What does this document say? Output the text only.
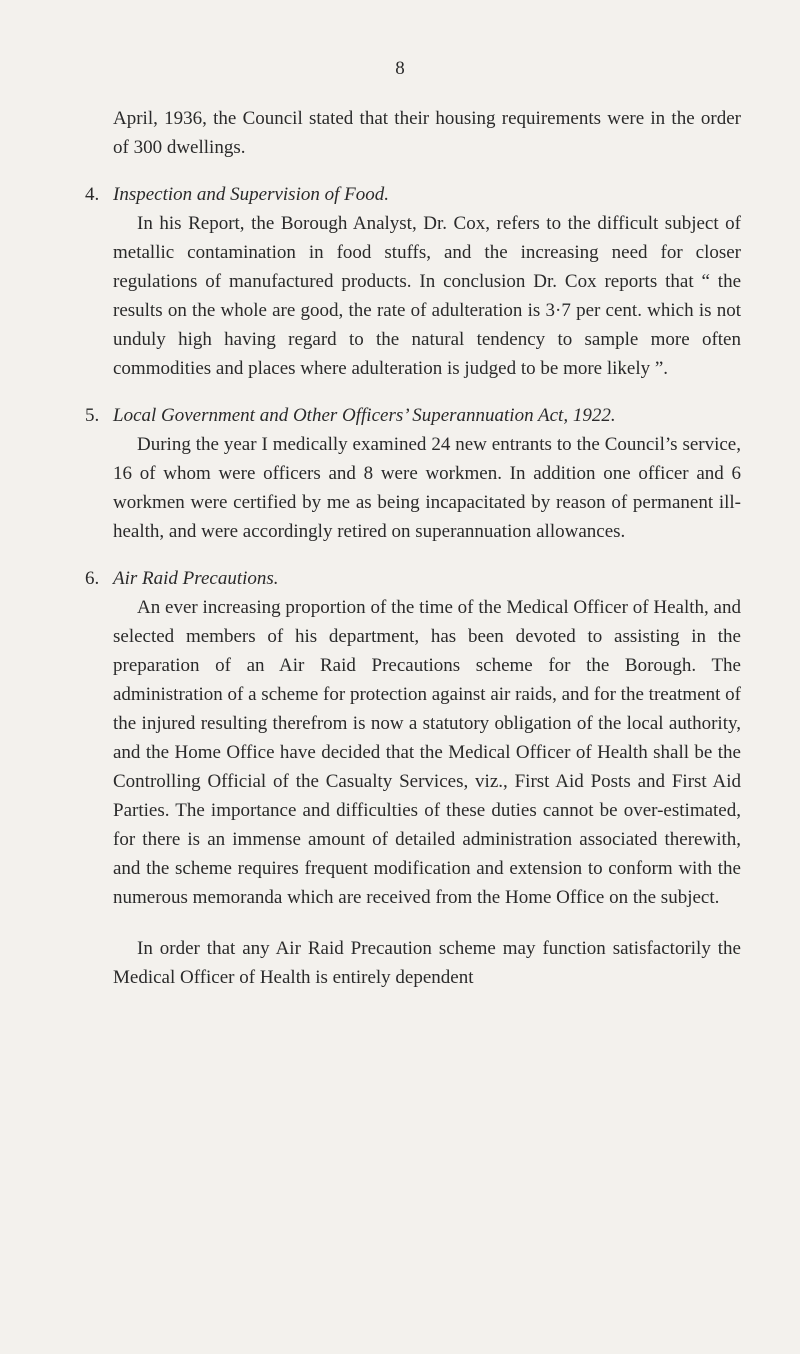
8

April, 1936, the Council stated that their housing requirements were in the order of 300 dwellings.

4. Inspection and Supervision of Food.

In his Report, the Borough Analyst, Dr. Cox, refers to the difficult subject of metallic contamination in food stuffs, and the increasing need for closer regulations of manufactured products. In conclusion Dr. Cox reports that “ the results on the whole are good, the rate of adulteration is 3·7 per cent. which is not unduly high having regard to the natural tendency to sample more often commodities and places where adulteration is judged to be more likely ”.

5. Local Government and Other Officers’ Superannuation Act, 1922.

During the year I medically examined 24 new entrants to the Council’s service, 16 of whom were officers and 8 were workmen. In addition one officer and 6 workmen were certified by me as being incapacitated by reason of permanent ill-health, and were accordingly retired on superannuation allowances.

6. Air Raid Precautions.

An ever increasing proportion of the time of the Medical Officer of Health, and selected members of his department, has been devoted to assisting in the preparation of an Air Raid Precautions scheme for the Borough. The administration of a scheme for protection against air raids, and for the treatment of the injured resulting therefrom is now a statutory obligation of the local authority, and the Home Office have decided that the Medical Officer of Health shall be the Controlling Official of the Casualty Services, viz., First Aid Posts and First Aid Parties. The importance and difficulties of these duties cannot be over-estimated, for there is an immense amount of detailed administration associated therewith, and the scheme requires frequent modification and extension to conform with the numerous memoranda which are received from the Home Office on the subject.

In order that any Air Raid Precaution scheme may function satisfactorily the Medical Officer of Health is entirely dependent
